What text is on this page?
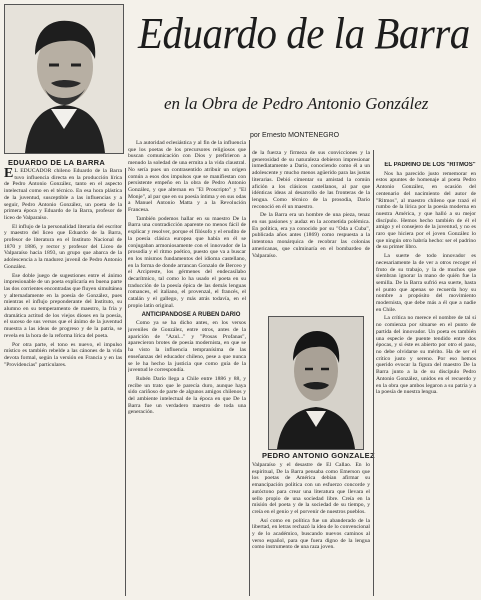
Eduardo de la Barra
en la Obra de Pedro Antonio González
por Ernesto MONTENEGRO
EDUARDO DE LA BARRA
PEDRO ANTONIO GONZALEZ

E L EDUCADOR chileno Eduardo de la Barra tuvo influencia directa en la producción lírica de Pedro Antonio González, tanto en el aspecto intelectual como en el técnico. En esa hora plástica de la juventud, susceptible a las influencias y a seguir, Pedro Antonio González, un poeta de la primera época y Eduardo de la Barra, profesor de liceo de Valparaíso.

El influjo de la personalidad literaria del escritor y maestro del liceo que Eduardo de la Barra, profesor de literatura en el Instituto Nacional de 1870 y 1886, y rector y profesor del Liceo de Valparaíso hacia 1893, un grupo que abarca de la adolescencia a la madurez juvenil de Pedro Antonio González.

Ese doble juego de sugestiones entre el ánimo impresionable de un poeta explicaría en buena parte las dos corrientes encontradas que fluyen simultánea y alternadamente en la poesía de González, pues mientras el influjo preponderante del Instituto, su alumno en su temperamento de maestro, la fría y dramática actitud de los viejos dioses en la poesía, el suceso de sus versos que el ánimo de la juventud muestra a las ideas de progreso y de la patria, se revela en la hora de la reforma lírica del poeta.

Por otra parte, el tono es nuevo, el impulso místico es también rebelde a las cánones de la vida devota formal, según la versión en Francia y en las "Providencias" particulares.

La autoridad eclesiástica y al fin de la influencia que los poetas de los precursores religiosos que buscan comunicación con Dios y prefirieron a menudo la soledad de una ermita a la vida claustral. No sería pues un contrasentido atribuir un origen común a esos dos impulsos que se manifiestan con persistente empeño en la obra de Pedro Antonio González, y que alternan en "El Proscripto" y "El Monje", al par que en su poesía íntima y en sus odas a Manuel Antonio Matta y a la Revolución Francesa.

También podemos hallar en su maestro De la Barra una contradicción aparente no menos fácil de explicar y resolver, porque el filósofo y el erudito de la poesía clásica europea que había en él se conjugaban armoniosamente con el innovador de la prosodia y el ritmo poético, puesto que va a buscar en los mismos fundamentos del idioma castellano, en la forma de donde arrancan Gonzalo de Berceo y el Arcipreste, los gérmenes del endecasílabo decarítmico, tal como lo ha usado el poeta en su traducción de la poesía épica de las demás lenguas romances, el italiano, el provenzal, el francés, el catalán y el gallego, y más atrás todavía, en el propio latín original.

ANTICIPANDOSE A RUBEN DARIO

Como ya se ha dicho antes, en los versos juveniles de González, entre otros, antes de la aparición de "Azul..." y "Prosas Profanas", aparecieron brotes de poesía modernista, en que se ha visto la influencia tempranísima de las enseñanzas del educador chileno, pese a que nunca se le ha hecho la justicia que como guía de la juventud le correspondía.

Rubén Darío llega a Chile entre 1886 y 88, y recibe un trato que le parecía duro, aunque haya sido cariñoso de parte de algunos amigos chilenos y del ambiente intelectual de la época en que De la Barra fue un verdadero maestro de toda una generación.

de la fuerza y firmeza de sus convicciones y la generosidad de su naturaleza debieron impresionar inmediatamente a Darío, conociendo como él a un adolescente y mucho menos agüerido para las justas literarias. Debió cimentar su amistad la común afición a los clásicos castellanos, al par que idénticas ideas al desarrollo de las fronteras de la lengua. Como técnico de la prosodia, Darío reconoció en él un maestro.

De la Barra era un hombre de una pieza, tenaz en sus pasiones y audaz en la acometida polémica. En política, era ya conocido por su "Oda a Cuba", publicada años antes (1869) como respuesta a la intentona monárquica de recobrar las colonias americanas, que culminaría en el bombardeo de Valparaíso.

Valparaíso y el desastre de El Callao. En lo espiritual, De la Barra pensaba como Emerson que los poetas de América debían afirmar su emancipación política con un esfuerzo concorde y autóctono para crear una literatura que llevara el sello propio de una sociedad libre. Creía en la misión del poeta y de la sociedad de su tiempo, y creía en el genio y el porvenir de nuestros pueblos.

Así como en política fue un abanderado de la libertad, en letras rechazó la idea de lo convencional y de lo académico, buscando nuevos caminos al verso español, para que fuera digno de la lengua como instrumento de una raza joven.

EL PADRINO DE LOS "RITMOS"

Nos ha parecido justo rememorar en estos apuntes de homenaje al poeta Pedro Antonio González, en ocasión del centenario del nacimiento del autor de "Ritmos", al maestro chileno que trazó el rumbo de la lírica por la poesía moderna en nuestra América, y que halló a su mejor discípulo. Hemos hecho también de él el amigo y el consejero de la juventud, y no es raro que hiciera por el joven González lo que ningún otro habría hecho: ser el padrino de su primer libro.

La suerte de todo innovador es necesariamente la de ver a otros recoger el fruto de su trabajo, y la de muchos que siembran ignorar la mano de quién fue la semilla. De la Barra sufrió esa suerte, hasta el punto que apenas se recuerda hoy su nombre a propósito del movimiento modernista, que debe más a él que a nadie en Chile.

La crítica no merece el nombre de tal si no comienza por situarse en el punto de partida del innovador. Un poeta es también una especie de puente tendido entre dos épocas, y si éste es abierto por otro el paso, no debe olvidarse su mérito. Ha de ser el crítico justo y sereno. Por eso hemos querido evocar la figura del maestro De la Barra junto a la de su discípulo Pedro Antonio González, unidos en el recuerdo y en la obra que ambos legaron a su patria y a la poesía de nuestra lengua.
